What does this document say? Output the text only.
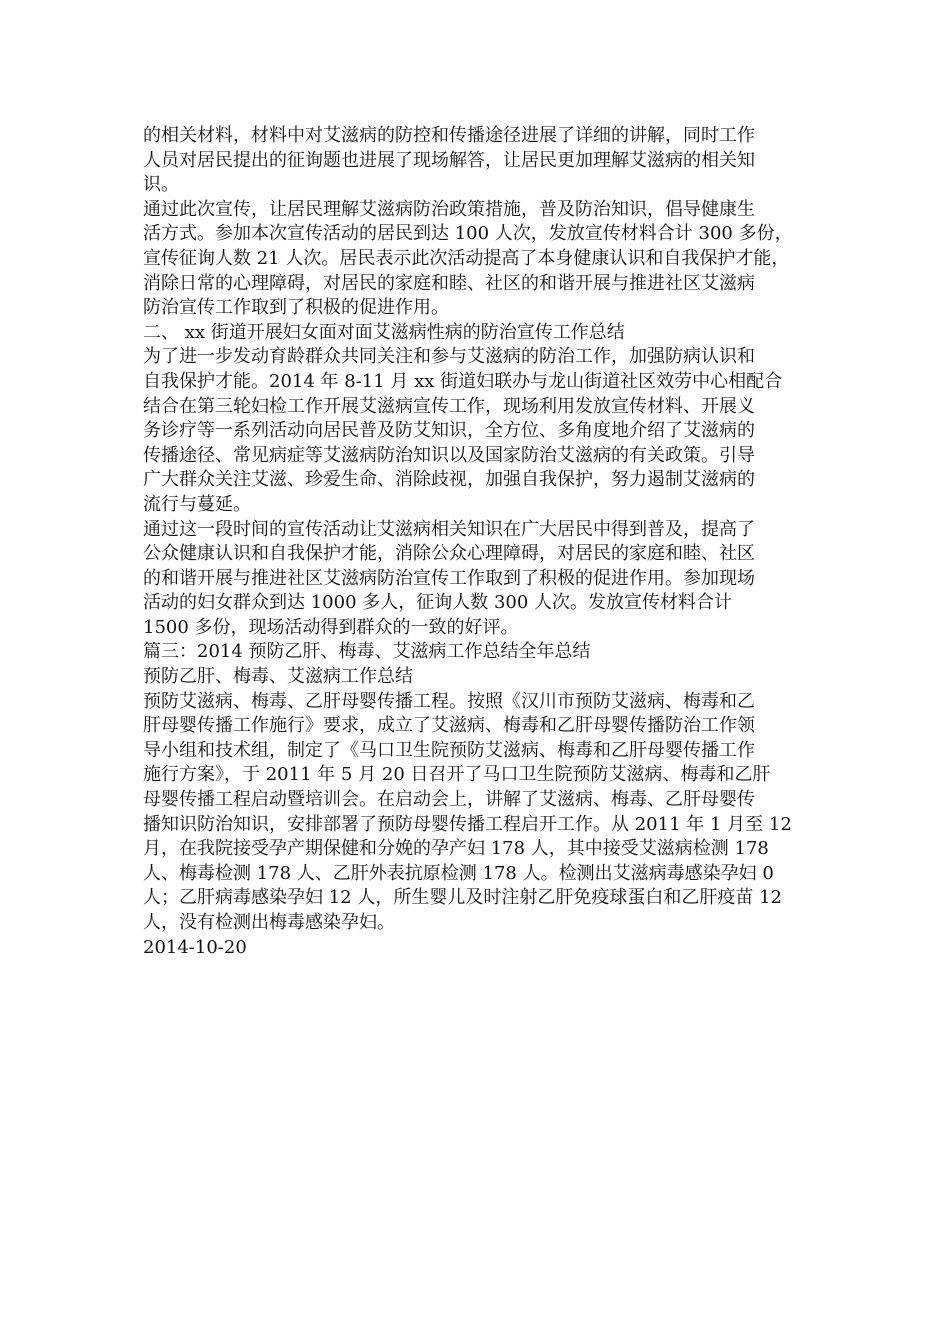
的相关材料，材料中对艾滋病的防控和传播途径进展了详细的讲解，同时工作
人员对居民提出的征询题也进展了现场解答，让居民更加理解艾滋病的相关知
识。

通过此次宣传，让居民理解艾滋病防治政策措施，普及防治知识，倡导健康生
活方式。参加本次宣传活动的居民到达 100 人次，发放宣传材料合计 300 多份，
宣传征询人数 21 人次。居民表示此次活动提高了本身健康认识和自我保护才能，
消除日常的心理障碍，对居民的家庭和睦、社区的和谐开展与推进社区艾滋病
防治宣传工作取到了积极的促进作用。

二、 xx 街道开展妇女面对面艾滋病性病的防治宣传工作总结

为了进一步发动育龄群众共同关注和参与艾滋病的防治工作，加强防病认识和
自我保护才能。2014 年 8-11 月 xx 街道妇联办与龙山街道社区效劳中心相配合
结合在第三轮妇检工作开展艾滋病宣传工作，现场利用发放宣传材料、开展义
务诊疗等一系列活动向居民普及防艾知识，全方位、多角度地介绍了艾滋病的
传播途径、常见病症等艾滋病防治知识以及国家防治艾滋病的有关政策。引导
广大群众关注艾滋、珍爱生命、消除歧视，加强自我保护，努力遏制艾滋病的
流行与蔓延。

通过这一段时间的宣传活动让艾滋病相关知识在广大居民中得到普及，提高了
公众健康认识和自我保护才能，消除公众心理障碍，对居民的家庭和睦、社区
的和谐开展与推进社区艾滋病防治宣传工作取到了积极的促进作用。参加现场
活动的妇女群众到达 1000 多人，征询人数 300 人次。发放宣传材料合计
1500 多份，现场活动得到群众的一致的好评。

篇三：2014 预防乙肝、梅毒、艾滋病工作总结全年总结

预防乙肝、梅毒、艾滋病工作总结

预防艾滋病、梅毒、乙肝母婴传播工程。按照《汉川市预防艾滋病、梅毒和乙
肝母婴传播工作施行》要求，成立了艾滋病、梅毒和乙肝母婴传播防治工作领
导小组和技术组，制定了《马口卫生院预防艾滋病、梅毒和乙肝母婴传播工作
施行方案》，于 2011 年 5 月 20 日召开了马口卫生院预防艾滋病、梅毒和乙肝
母婴传播工程启动暨培训会。在启动会上，讲解了艾滋病、梅毒、乙肝母婴传
播知识防治知识，安排部署了预防母婴传播工程启开工作。从 2011 年 1 月至 12
月，在我院接受孕产期保健和分娩的孕产妇 178 人，其中接受艾滋病检测 178
人、梅毒检测 178 人、乙肝外表抗原检测 178 人。检测出艾滋病毒感染孕妇 0
人；乙肝病毒感染孕妇 12 人，所生婴儿及时注射乙肝免疫球蛋白和乙肝疫苗 12
人，没有检测出梅毒感染孕妇。

2014-10-20
